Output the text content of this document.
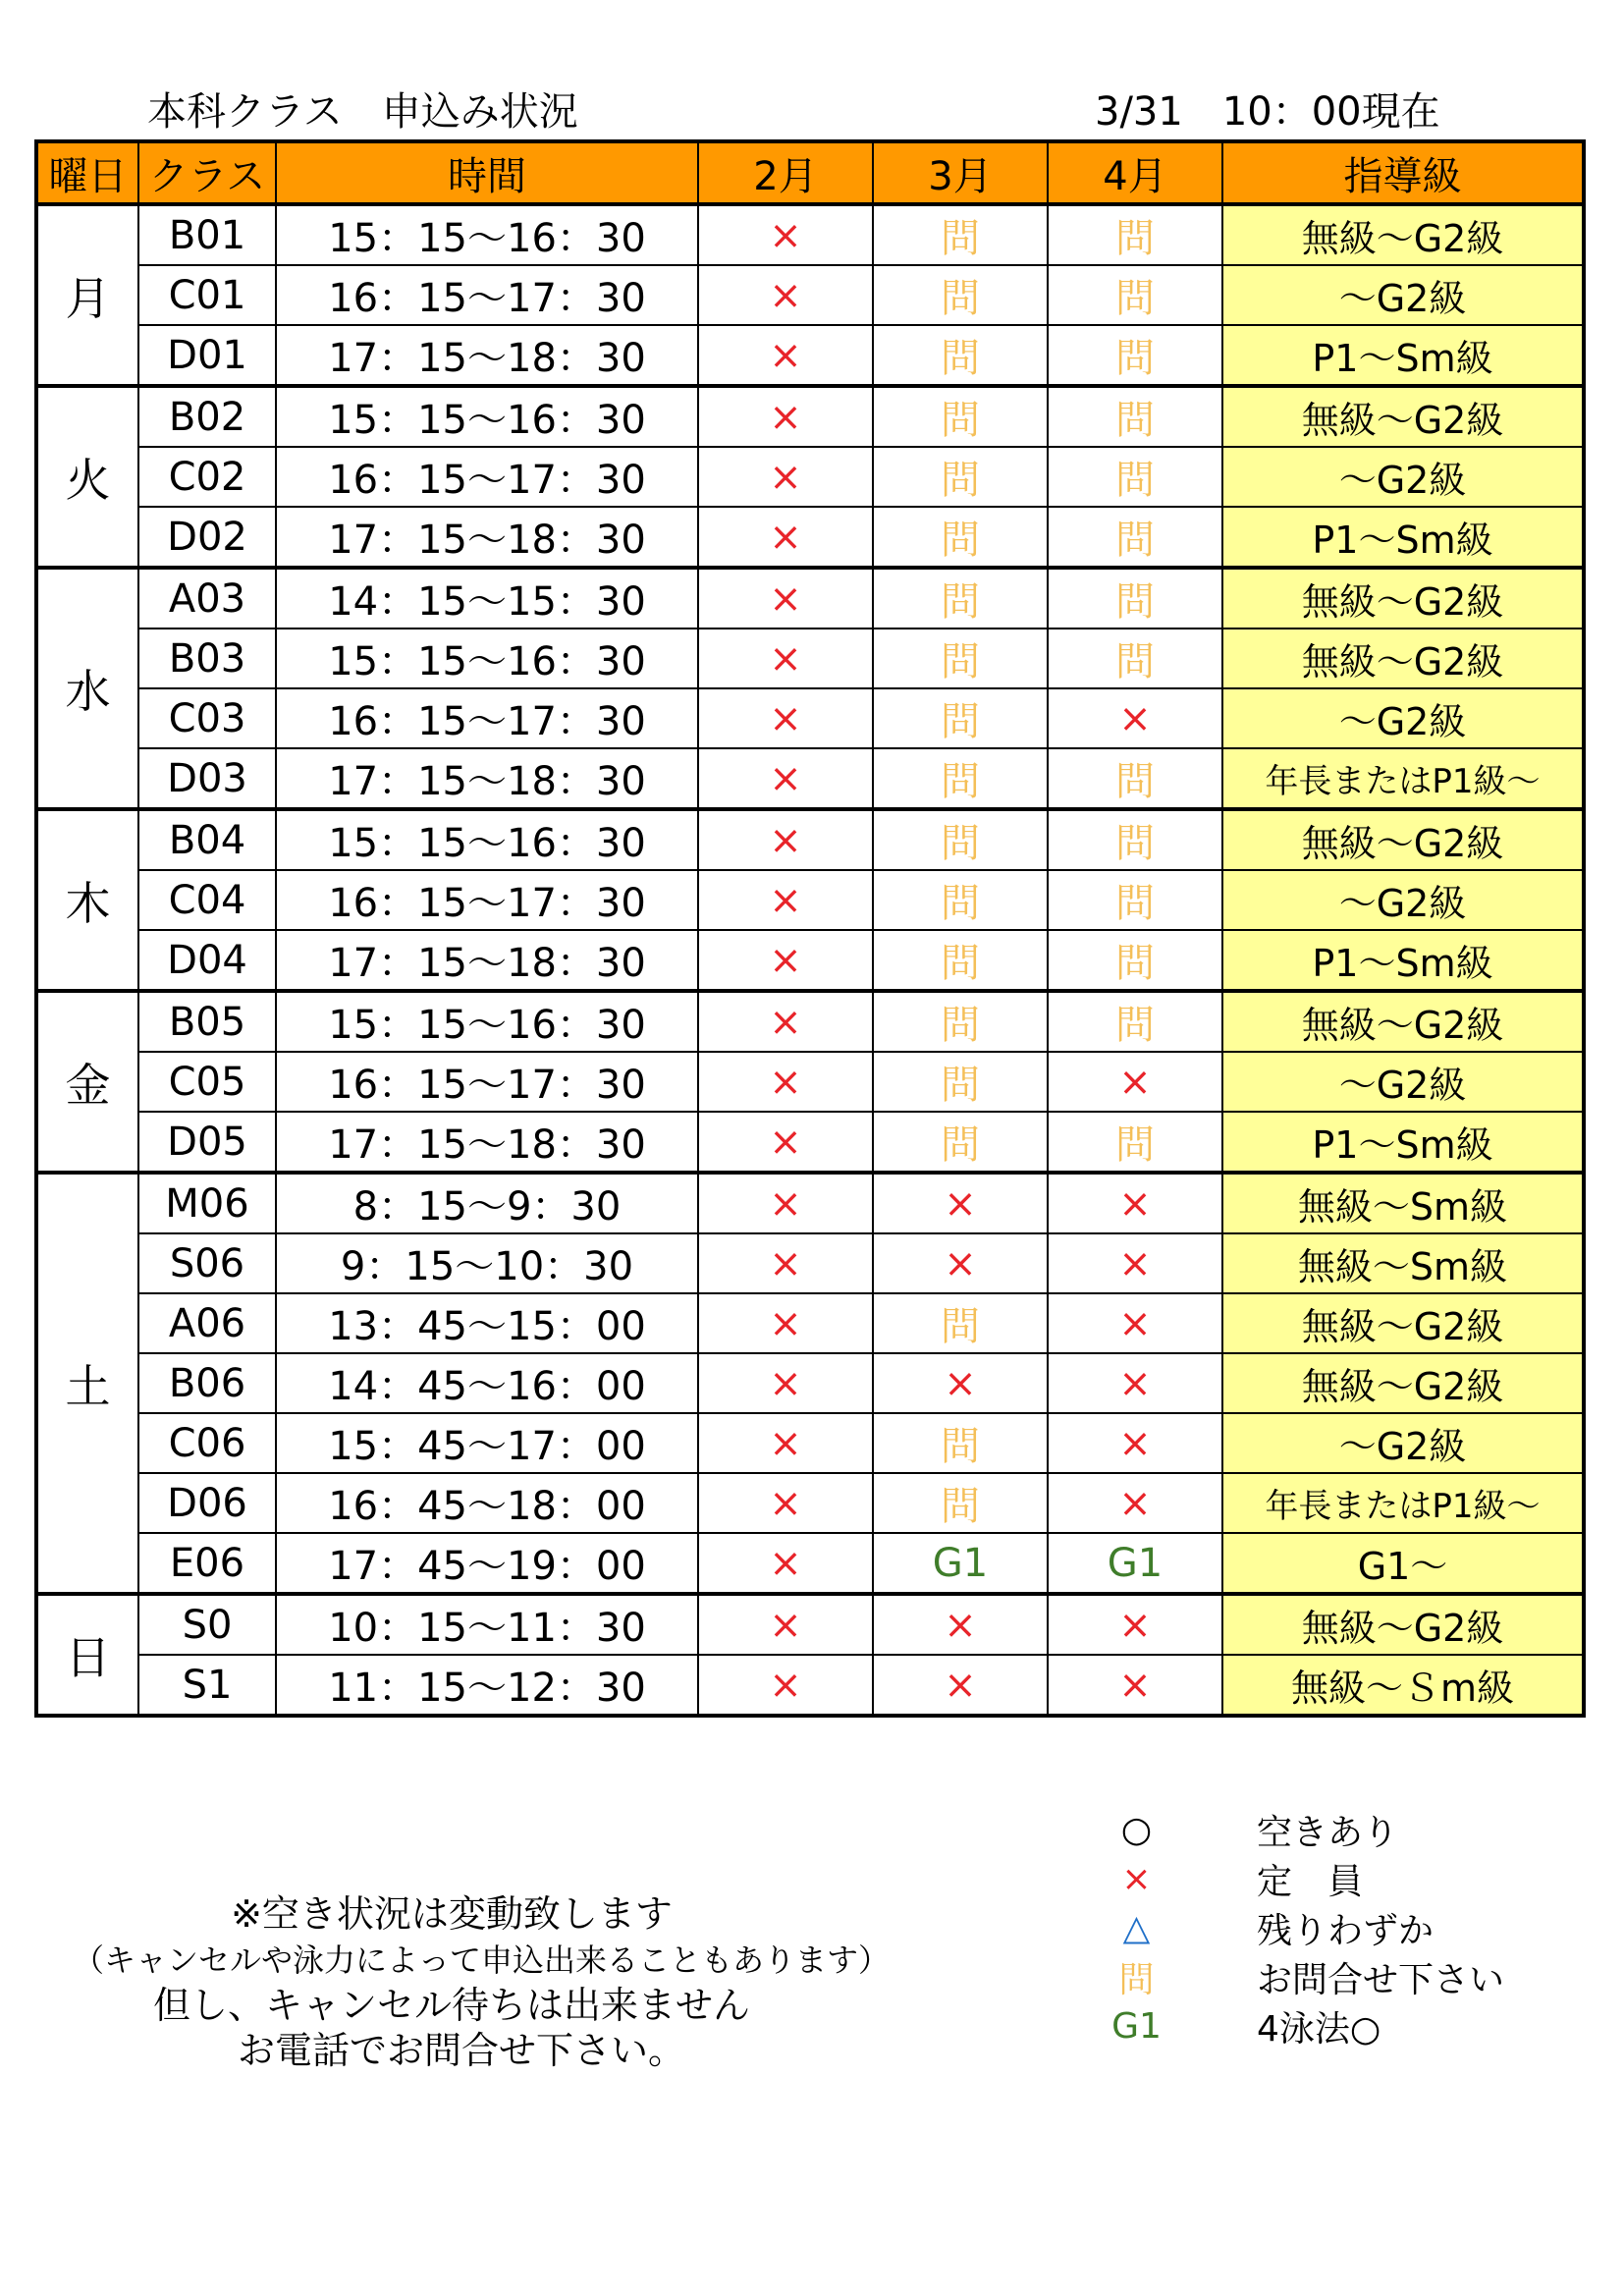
本科クラス　申込み状況	3/31　10：00現在
曜日	クラス	時間	2月	3月	4月	指導級
月	B01	15：15〜16：30	×	問	問	無級〜G2級
	C01	16：15〜17：30	×	問	問	〜G2級
	D01	17：15〜18：30	×	問	問	P1〜Sm級
火	B02	15：15〜16：30	×	問	問	無級〜G2級
	C02	16：15〜17：30	×	問	問	〜G2級
	D02	17：15〜18：30	×	問	問	P1〜Sm級
水	A03	14：15〜15：30	×	問	問	無級〜G2級
	B03	15：15〜16：30	×	問	問	無級〜G2級
	C03	16：15〜17：30	×	問	×	〜G2級
	D03	17：15〜18：30	×	問	問	年長またはP1級〜
木	B04	15：15〜16：30	×	問	問	無級〜G2級
	C04	16：15〜17：30	×	問	問	〜G2級
	D04	17：15〜18：30	×	問	問	P1〜Sm級
金	B05	15：15〜16：30	×	問	問	無級〜G2級
	C05	16：15〜17：30	×	問	×	〜G2級
	D05	17：15〜18：30	×	問	問	P1〜Sm級
土	M06	8：15〜9：30	×	×	×	無級〜Sm級
	S06	9：15〜10：30	×	×	×	無級〜Sm級
	A06	13：45〜15：00	×	問	×	無級〜G2級
	B06	14：45〜16：00	×	×	×	無級〜G2級
	C06	15：45〜17：00	×	問	×	〜G2級
	D06	16：45〜18：00	×	問	×	年長またはP1級〜
	E06	17：45〜19：00	×	G1	G1	G1〜
日	S0	10：15〜11：30	×	×	×	無級〜G2級
	S1	11：15〜12：30	×	×	×	無級〜Ｓm級
○	空きあり
×	定　員
△	残りわずか
問	お問合せ下さい
G1	4泳法○
※空き状況は変動致します
（キャンセルや泳力によって申込出来ることもあります）
但し、キャンセル待ちは出来ません
お電話でお問合せ下さい。
